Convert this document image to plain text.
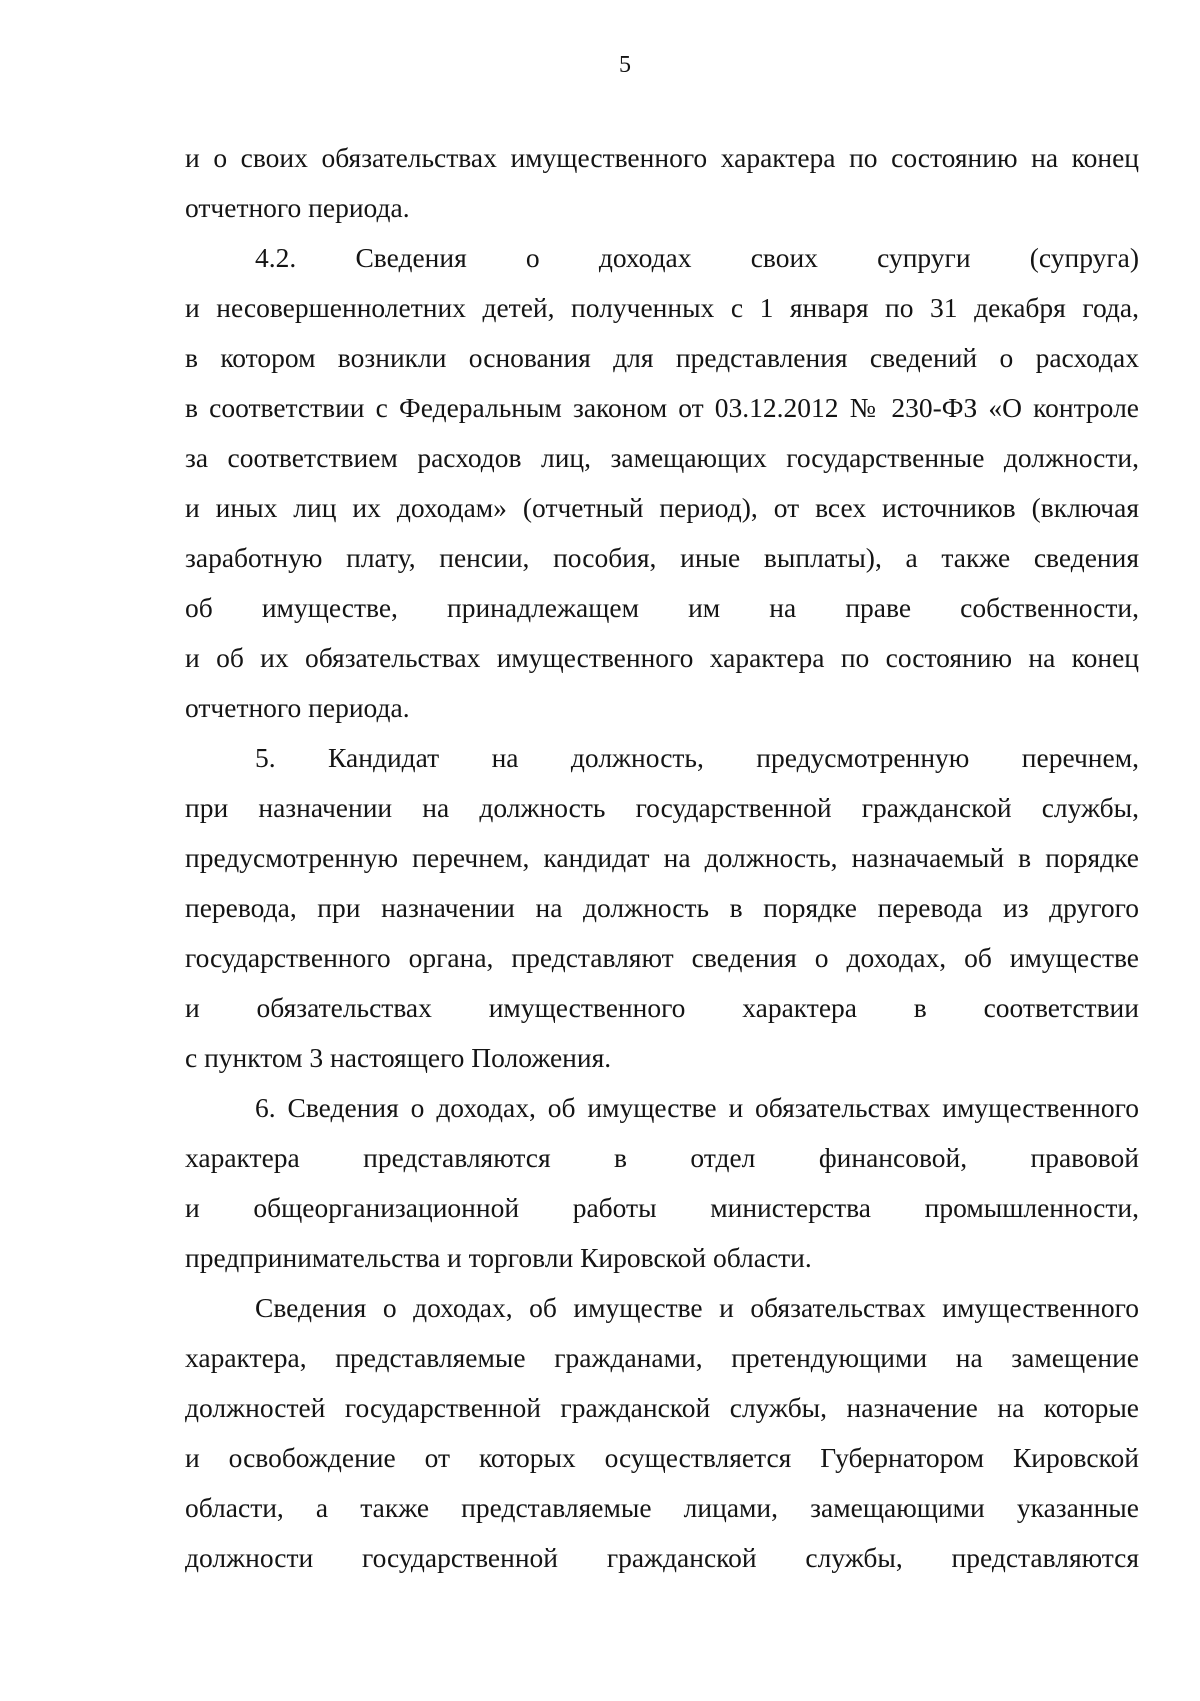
5
и о своих обязательствах имущественного характера по состоянию на конец
отчетного периода.
4.2. Сведения о доходах своих супруги (супруга)
и несовершеннолетних детей, полученных с 1 января по 31 декабря года,
в котором возникли основания для представления сведений о расходах
в соответствии с Федеральным законом от 03.12.2012 № 230-ФЗ «О контроле
за соответствием расходов лиц, замещающих государственные должности,
и иных лиц их доходам» (отчетный период), от всех источников (включая
заработную плату, пенсии, пособия, иные выплаты), а также сведения
об имуществе, принадлежащем им на праве собственности,
и об их обязательствах имущественного характера по состоянию на конец
отчетного периода.
5. Кандидат на должность, предусмотренную перечнем,
при назначении на должность государственной гражданской службы,
предусмотренную перечнем, кандидат на должность, назначаемый в порядке
перевода, при назначении на должность в порядке перевода из другого
государственного органа, представляют сведения о доходах, об имуществе
и обязательствах имущественного характера в соответствии
с пунктом 3 настоящего Положения.
6. Сведения о доходах, об имуществе и обязательствах имущественного
характера представляются в отдел финансовой, правовой
и общеорганизационной работы министерства промышленности,
предпринимательства и торговли Кировской области.
Сведения о доходах, об имуществе и обязательствах имущественного
характера, представляемые гражданами, претендующими на замещение
должностей государственной гражданской службы, назначение на которые
и освобождение от которых осуществляется Губернатором Кировской
области, а также представляемые лицами, замещающими указанные
должности государственной гражданской службы, представляются
